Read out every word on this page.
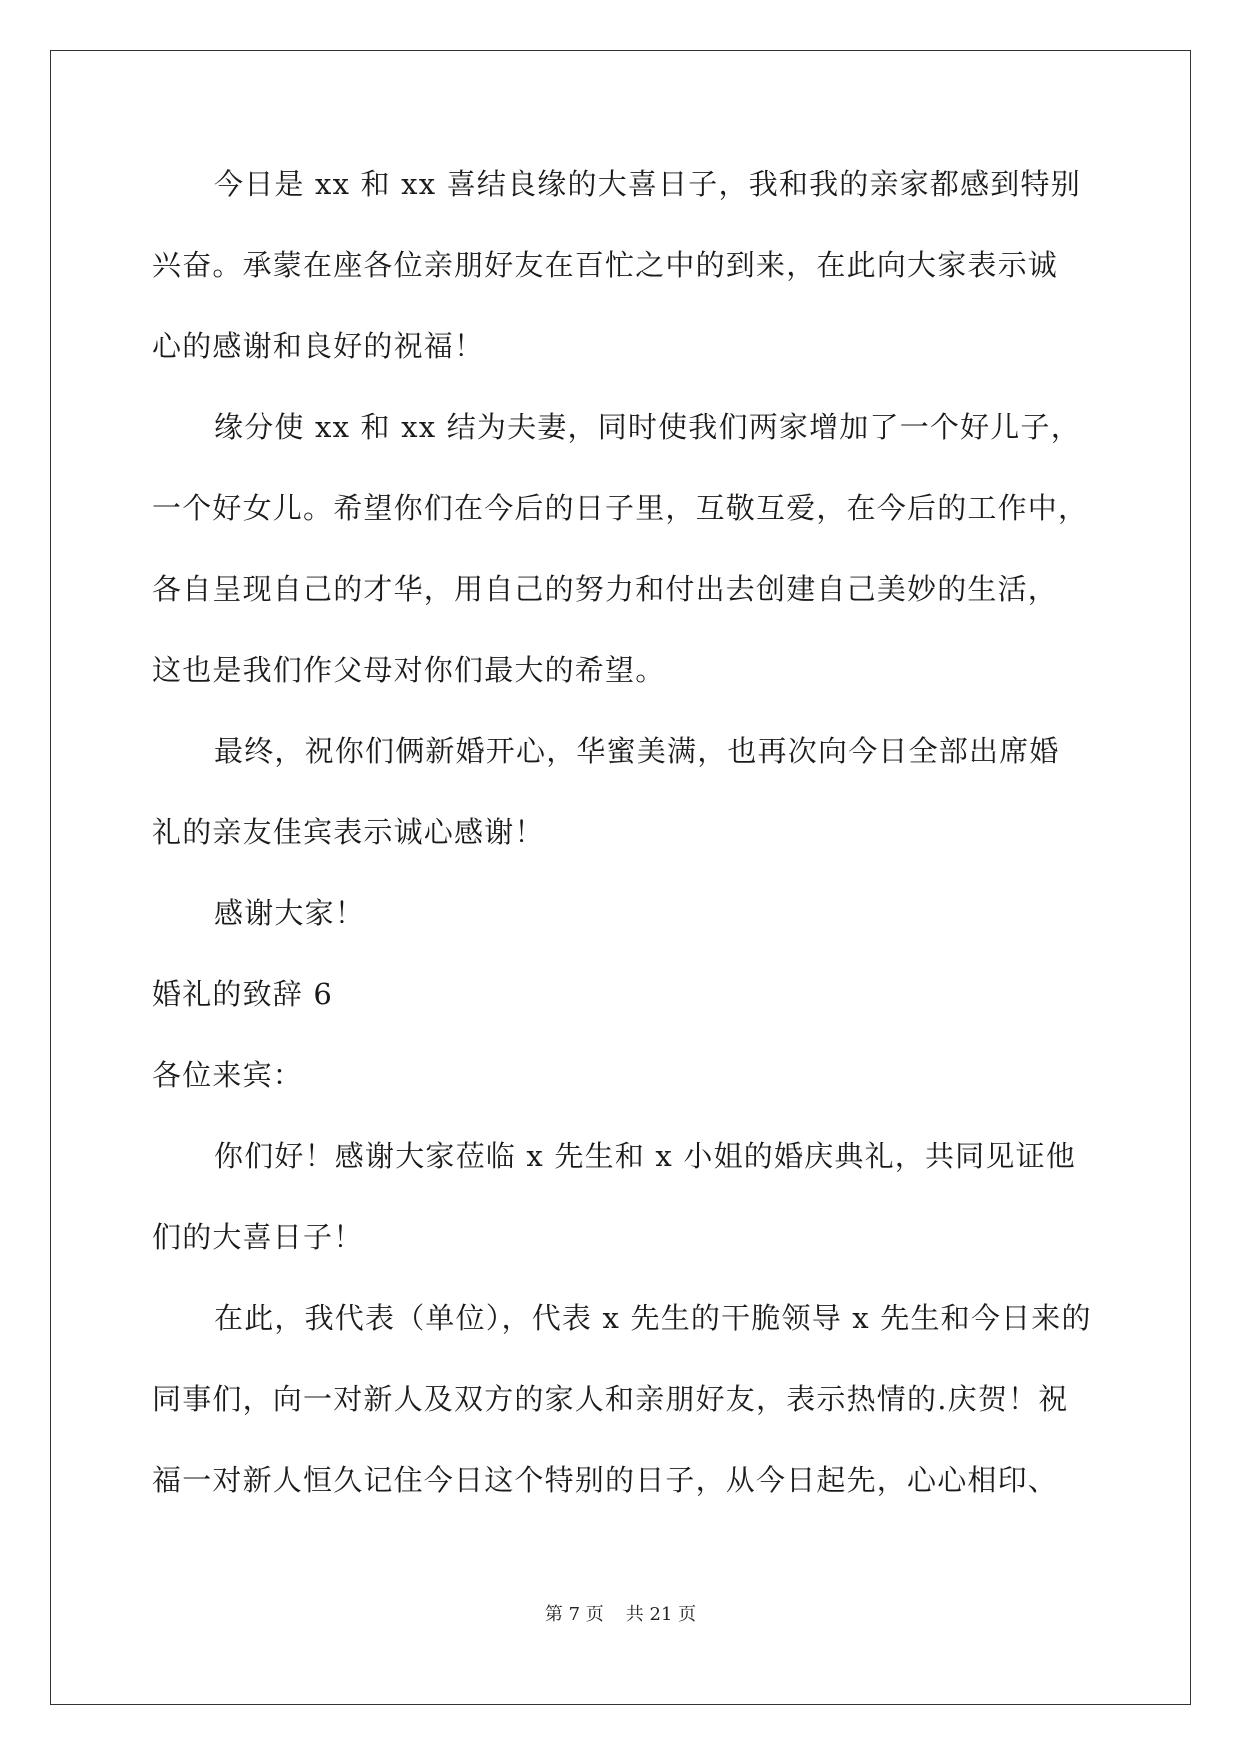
今日是 xx 和 xx 喜结良缘的大喜日子，我和我的亲家都感到特别
兴奋。承蒙在座各位亲朋好友在百忙之中的到来，在此向大家表示诚
心的感谢和良好的祝福！
缘分使 xx 和 xx 结为夫妻，同时使我们两家增加了一个好儿子，
一个好女儿。希望你们在今后的日子里，互敬互爱，在今后的工作中，
各自呈现自己的才华，用自己的努力和付出去创建自己美妙的生活，
这也是我们作父母对你们最大的希望。
最终，祝你们俩新婚开心，华蜜美满，也再次向今日全部出席婚
礼的亲友佳宾表示诚心感谢！
感谢大家！
婚礼的致辞 6
各位来宾：
你们好！感谢大家莅临 x 先生和 x 小姐的婚庆典礼，共同见证他
们的大喜日子！
在此，我代表（单位），代表 x 先生的干脆领导 x 先生和今日来的
同事们，向一对新人及双方的家人和亲朋好友，表示热情的.庆贺！祝
福一对新人恒久记住今日这个特别的日子，从今日起先，心心相印、
第 7 页 共 21 页
